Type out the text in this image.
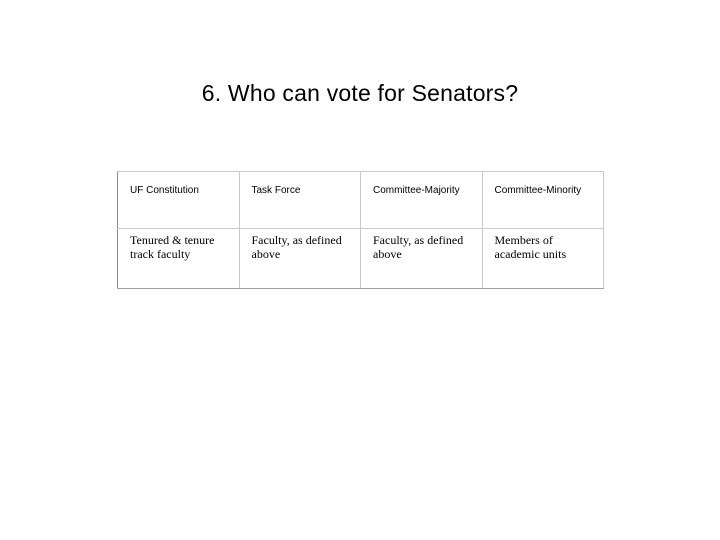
6. Who can vote for Senators?
UF Constitution	Task Force	Committee-Majority	Committee-Minority

Tenured & tenure track faculty	Faculty, as defined above	Faculty, as defined above	Members of academic units
